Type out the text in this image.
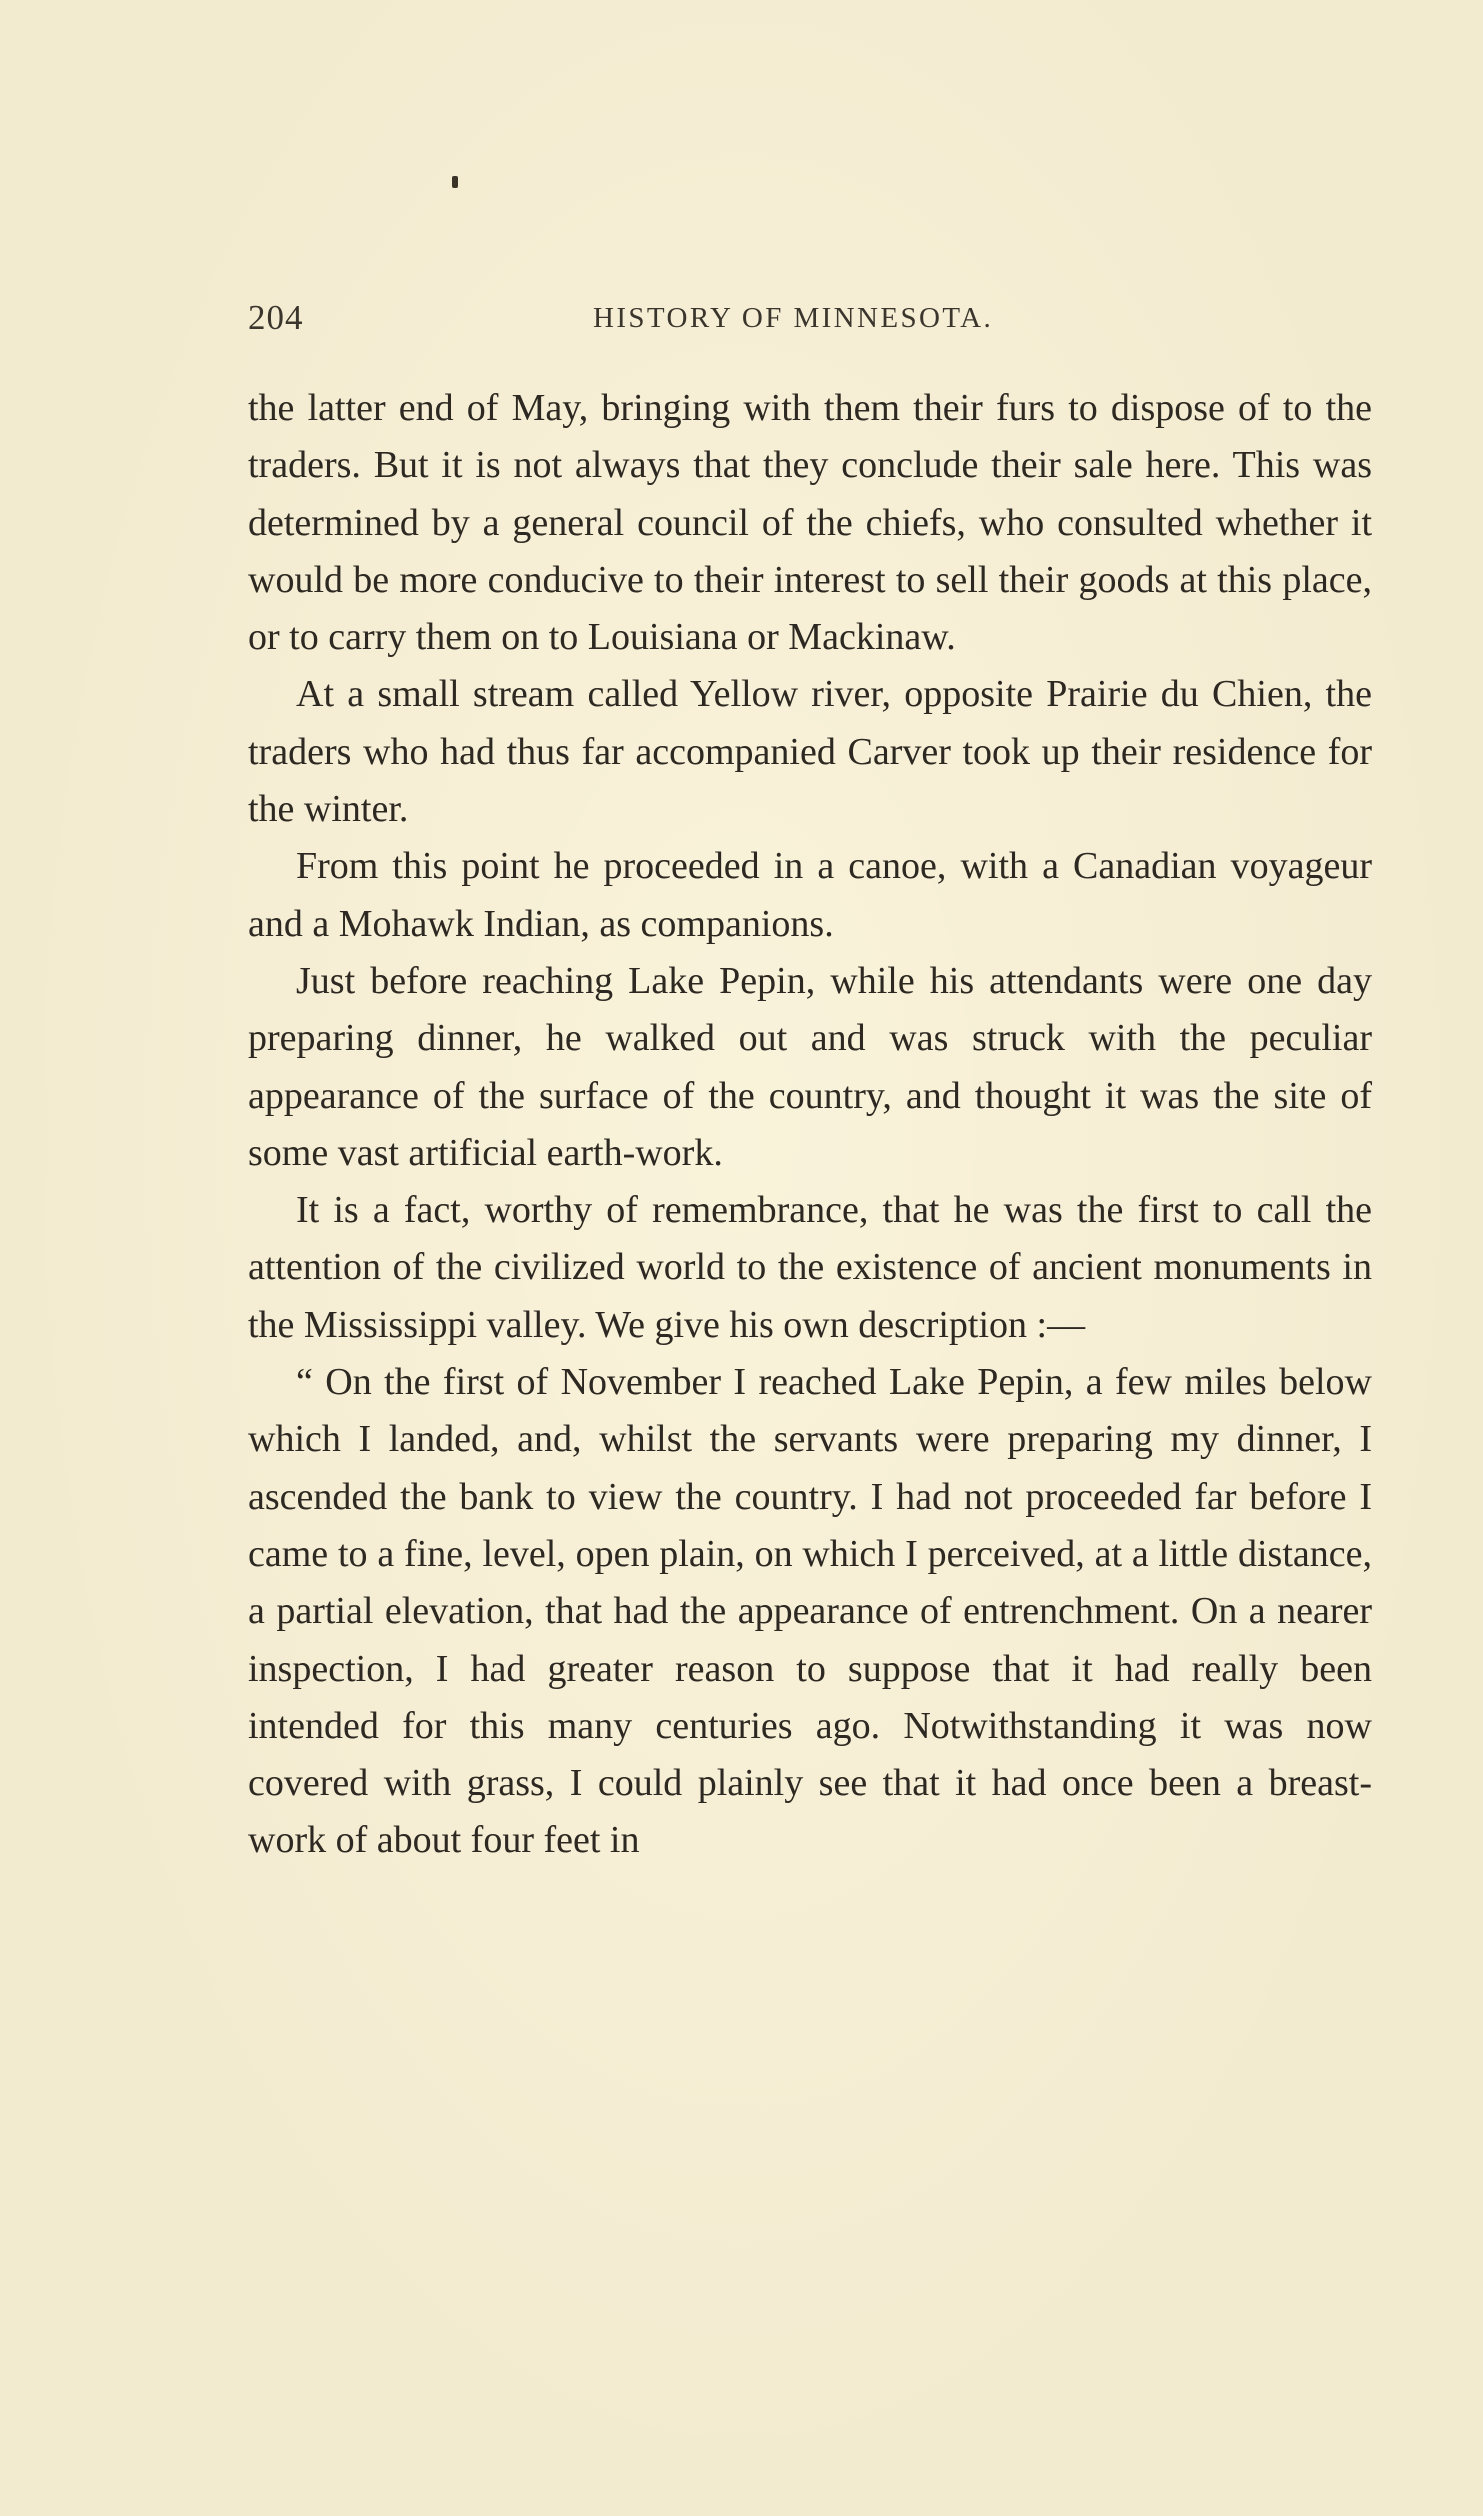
204	HISTORY OF MINNESOTA.

the latter end of May, bringing with them their furs to dispose of to the traders. But it is not always that they conclude their sale here. This was determined by a general council of the chiefs, who consulted whether it would be more conducive to their interest to sell their goods at this place, or to carry them on to Louisiana or Mackinaw.

At a small stream called Yellow river, opposite Prairie du Chien, the traders who had thus far accompanied Carver took up their residence for the winter.

From this point he proceeded in a canoe, with a Canadian voyageur and a Mohawk Indian, as companions.

Just before reaching Lake Pepin, while his attendants were one day preparing dinner, he walked out and was struck with the peculiar appearance of the surface of the country, and thought it was the site of some vast artificial earth-work.

It is a fact, worthy of remembrance, that he was the first to call the attention of the civilized world to the existence of ancient monuments in the Mississippi valley. We give his own description :—

“ On the first of November I reached Lake Pepin, a few miles below which I landed, and, whilst the servants were preparing my dinner, I ascended the bank to view the country. I had not proceeded far before I came to a fine, level, open plain, on which I perceived, at a little distance, a partial elevation, that had the appearance of entrenchment. On a nearer inspection, I had greater reason to suppose that it had really been intended for this many centuries ago. Notwithstanding it was now covered with grass, I could plainly see that it had once been a breast-work of about four feet in
